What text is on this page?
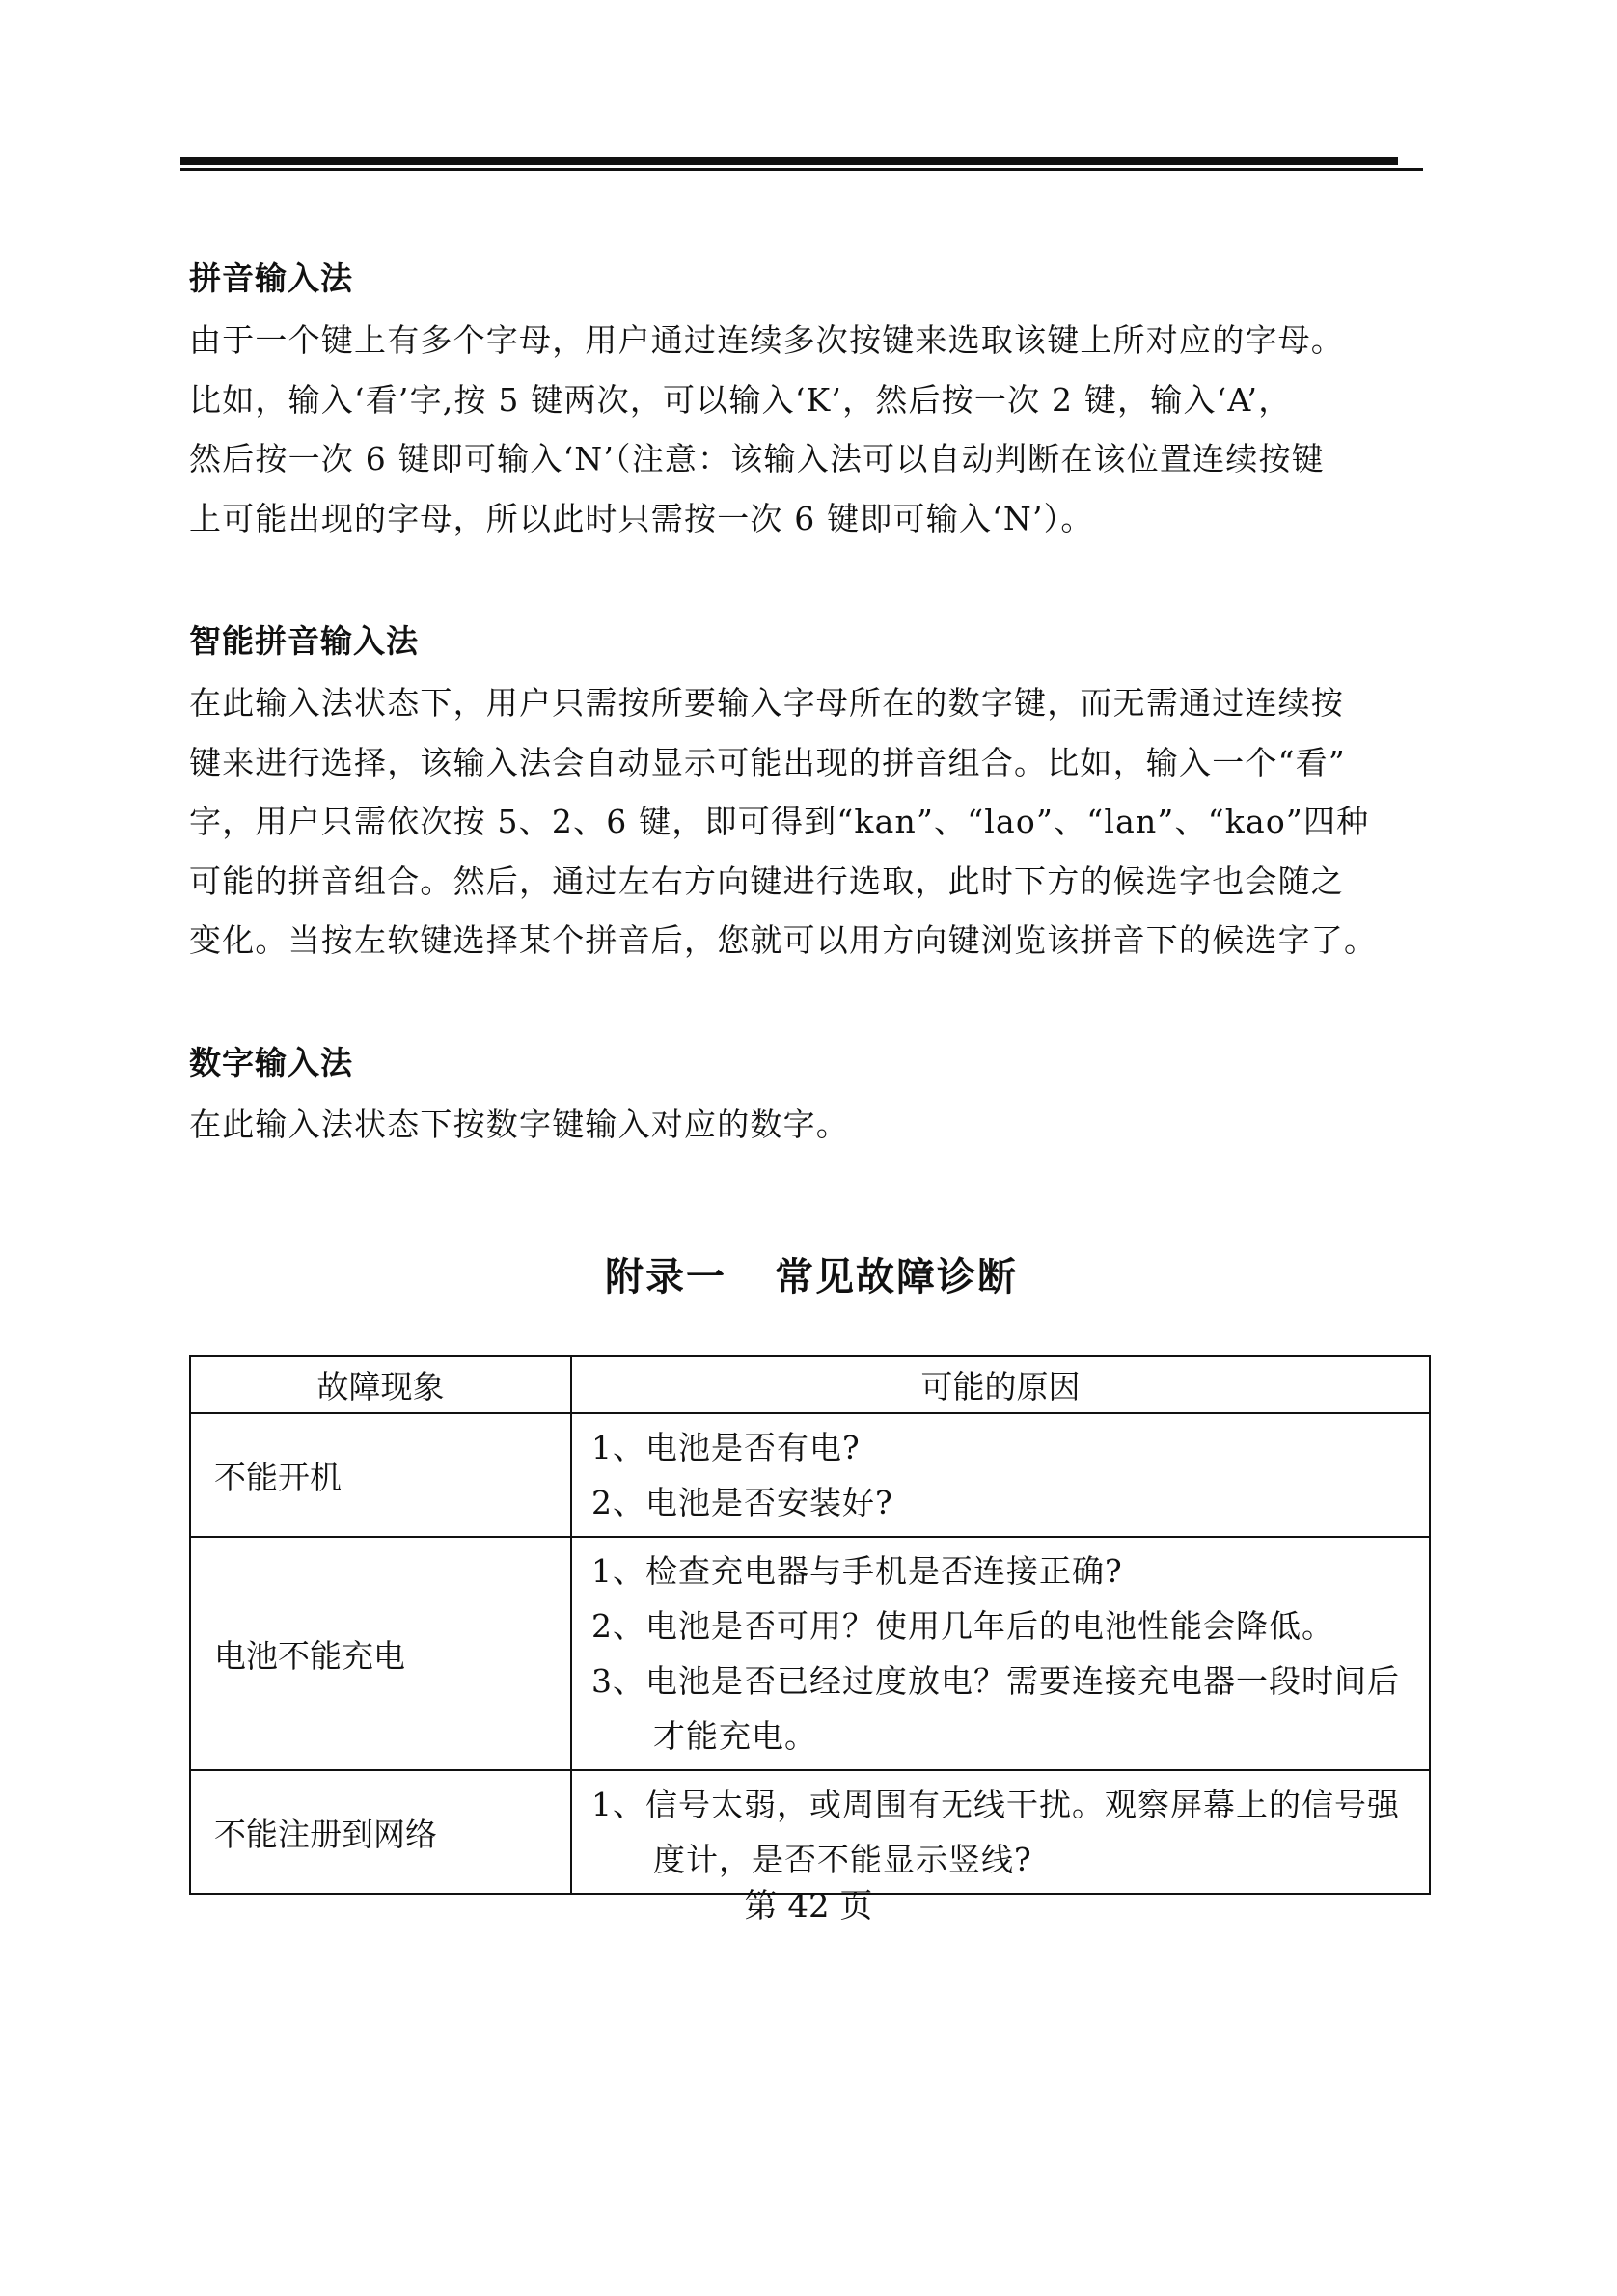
拼音输入法

由于一个键上有多个字母，用户通过连续多次按键来选取该键上所对应的字母。
比如，输入‘看’字,按 5 键两次，可以输入‘K’，然后按一次 2 键，输入‘A’，
然后按一次 6 键即可输入‘N’（注意：该输入法可以自动判断在该位置连续按键
上可能出现的字母，所以此时只需按一次 6 键即可输入‘N’）。

智能拼音输入法

在此输入法状态下，用户只需按所要输入字母所在的数字键，而无需通过连续按
键来进行选择，该输入法会自动显示可能出现的拼音组合。比如，输入一个“看”
字，用户只需依次按 5、2、6 键，即可得到“kan”、“lao”、“lan”、“kao”四种
可能的拼音组合。然后，通过左右方向键进行选取，此时下方的候选字也会随之
变化。当按左软键选择某个拼音后，您就可以用方向键浏览该拼音下的候选字了。

数字输入法

在此输入法状态下按数字键输入对应的数字。

附录一 常见故障诊断
故障现象	可能的原因
不能开机	1、电池是否有电?
2、电池是否安装好?

电池不能充电	1、检查充电器与手机是否连接正确?
2、电池是否可用？使用几年后的电池性能会降低。
3、电池是否已经过度放电？需要连接充电器一段时间后才能充电。

不能注册到网络	1、信号太弱，或周围有无线干扰。观察屏幕上的信号强度计，是否不能显示竖线?
第 42 页
